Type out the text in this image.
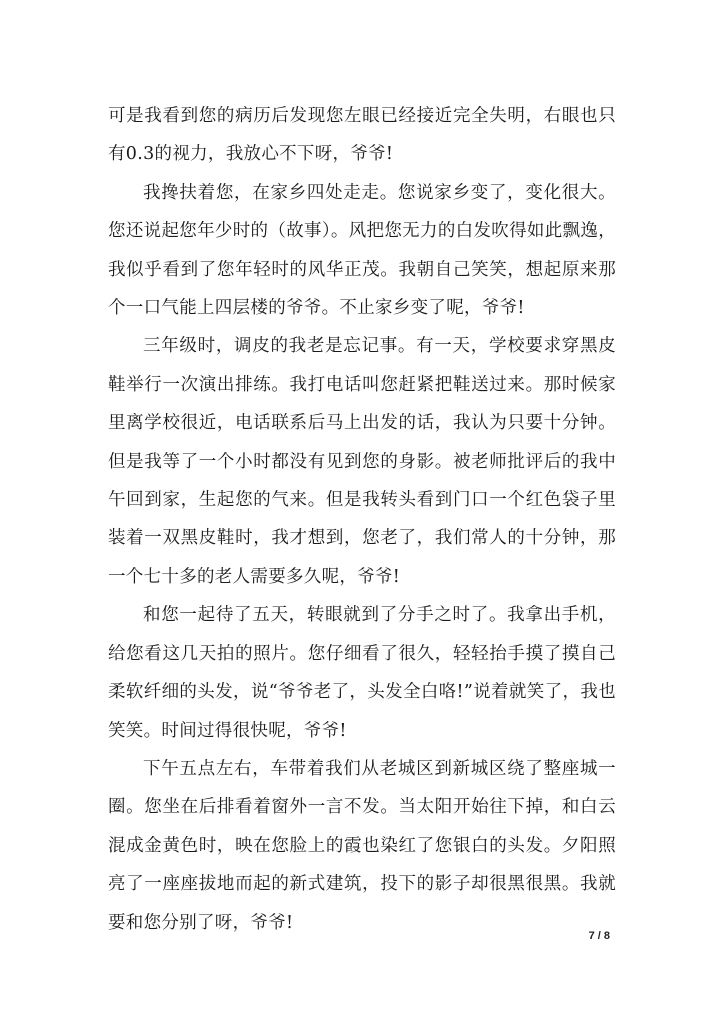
可是我看到您的病历后发现您左眼已经接近完全失明，右眼也只有0.3的视力，我放心不下呀，爷爷!

我搀扶着您，在家乡四处走走。您说家乡变了，变化很大。您还说起您年少时的（故事）。风把您无力的白发吹得如此飘逸，我似乎看到了您年轻时的风华正茂。我朝自己笑笑，想起原来那个一口气能上四层楼的爷爷。不止家乡变了呢，爷爷!

三年级时，调皮的我老是忘记事。有一天，学校要求穿黑皮鞋举行一次演出排练。我打电话叫您赶紧把鞋送过来。那时候家里离学校很近，电话联系后马上出发的话，我认为只要十分钟。但是我等了一个小时都没有见到您的身影。被老师批评后的我中午回到家，生起您的气来。但是我转头看到门口一个红色袋子里装着一双黑皮鞋时，我才想到，您老了，我们常人的十分钟，那一个七十多的老人需要多久呢，爷爷!

和您一起待了五天，转眼就到了分手之时了。我拿出手机，给您看这几天拍的照片。您仔细看了很久，轻轻抬手摸了摸自己柔软纤细的头发，说“爷爷老了，头发全白咯!”说着就笑了，我也笑笑。时间过得很快呢，爷爷!

下午五点左右，车带着我们从老城区到新城区绕了整座城一圈。您坐在后排看着窗外一言不发。当太阳开始往下掉，和白云混成金黄色时，映在您脸上的霞也染红了您银白的头发。夕阳照亮了一座座拔地而起的新式建筑，投下的影子却很黑很黑。我就要和您分别了呀，爷爷!

7 / 8
